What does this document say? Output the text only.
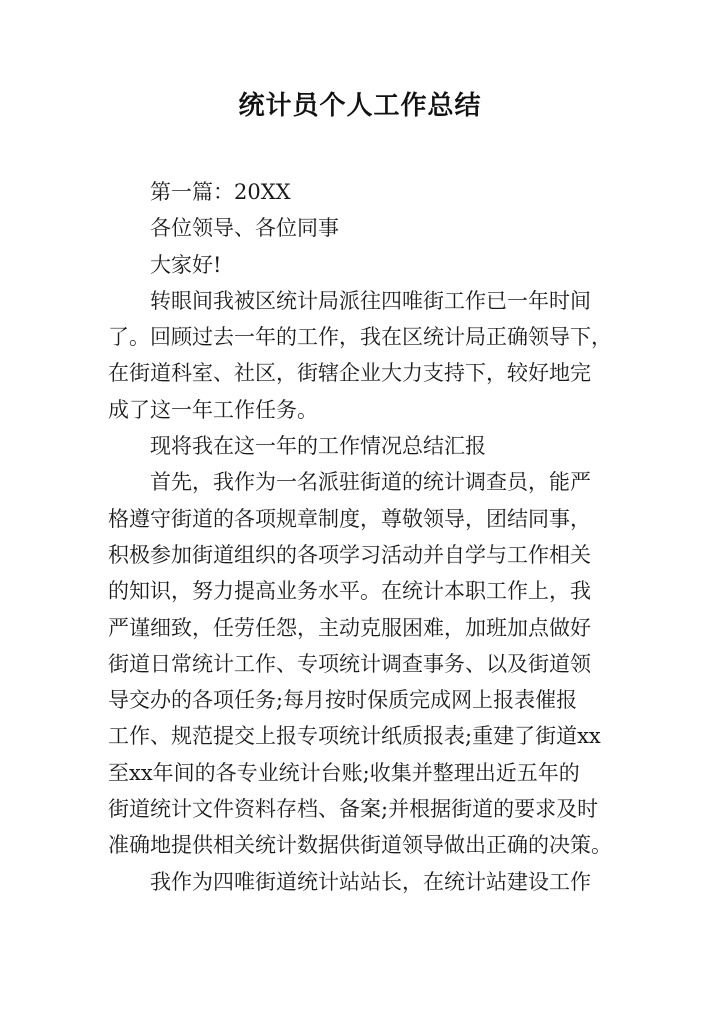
统计员个人工作总结
第一篇：20XX
各位领导、各位同事
大家好!
转眼间我被区统计局派往四唯街工作已一年时间
了。回顾过去一年的工作，我在区统计局正确领导下，
在街道科室、社区，街辖企业大力支持下，较好地完
成了这一年工作任务。
现将我在这一年的工作情况总结汇报
首先，我作为一名派驻街道的统计调查员，能严
格遵守街道的各项规章制度，尊敬领导，团结同事，
积极参加街道组织的各项学习活动并自学与工作相关
的知识，努力提高业务水平。在统计本职工作上，我
严谨细致，任劳任怨，主动克服困难，加班加点做好
街道日常统计工作、专项统计调查事务、以及街道领
导交办的各项任务;每月按时保质完成网上报表催报
工作、规范提交上报专项统计纸质报表;重建了街道xx
至xx年间的各专业统计台账;收集并整理出近五年的
街道统计文件资料存档、备案;并根据街道的要求及时
准确地提供相关统计数据供街道领导做出正确的决策。
我作为四唯街道统计站站长，在统计站建设工作
